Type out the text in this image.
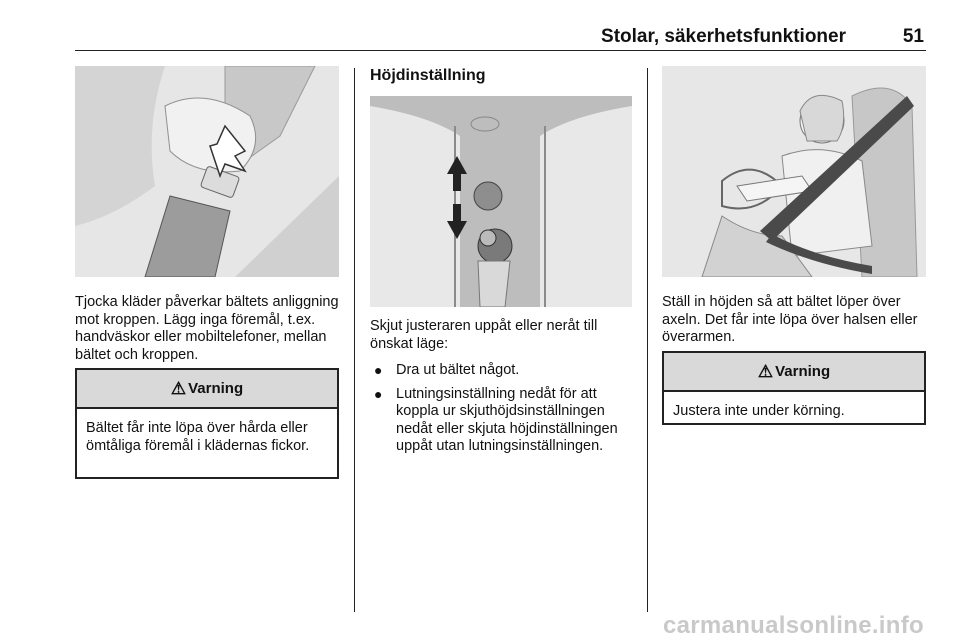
Stolar, säkerhetsfunktioner	51

Tjocka kläder påverkar bältets anliggning mot kroppen. Lägg inga föremål, t.ex. handväskor eller mobiltelefoner, mellan bältet och kroppen.

⚠ Varning
Bältet får inte löpa över hårda eller ömtåliga föremål i klädernas fickor.
Höjdinställning

Skjut justeraren uppåt eller neråt till önskat läge:

● Dra ut bältet något.
● Lutningsinställning nedåt för att koppla ur skjuthöjdsinställningen nedåt eller skjuta höjdinställningen uppåt utan lutningsinställningen.

Ställ in höjden så att bältet löper över axeln. Det får inte löpa över halsen eller överarmen.

⚠ Varning
Justera inte under körning.
carmanualsonline.info
